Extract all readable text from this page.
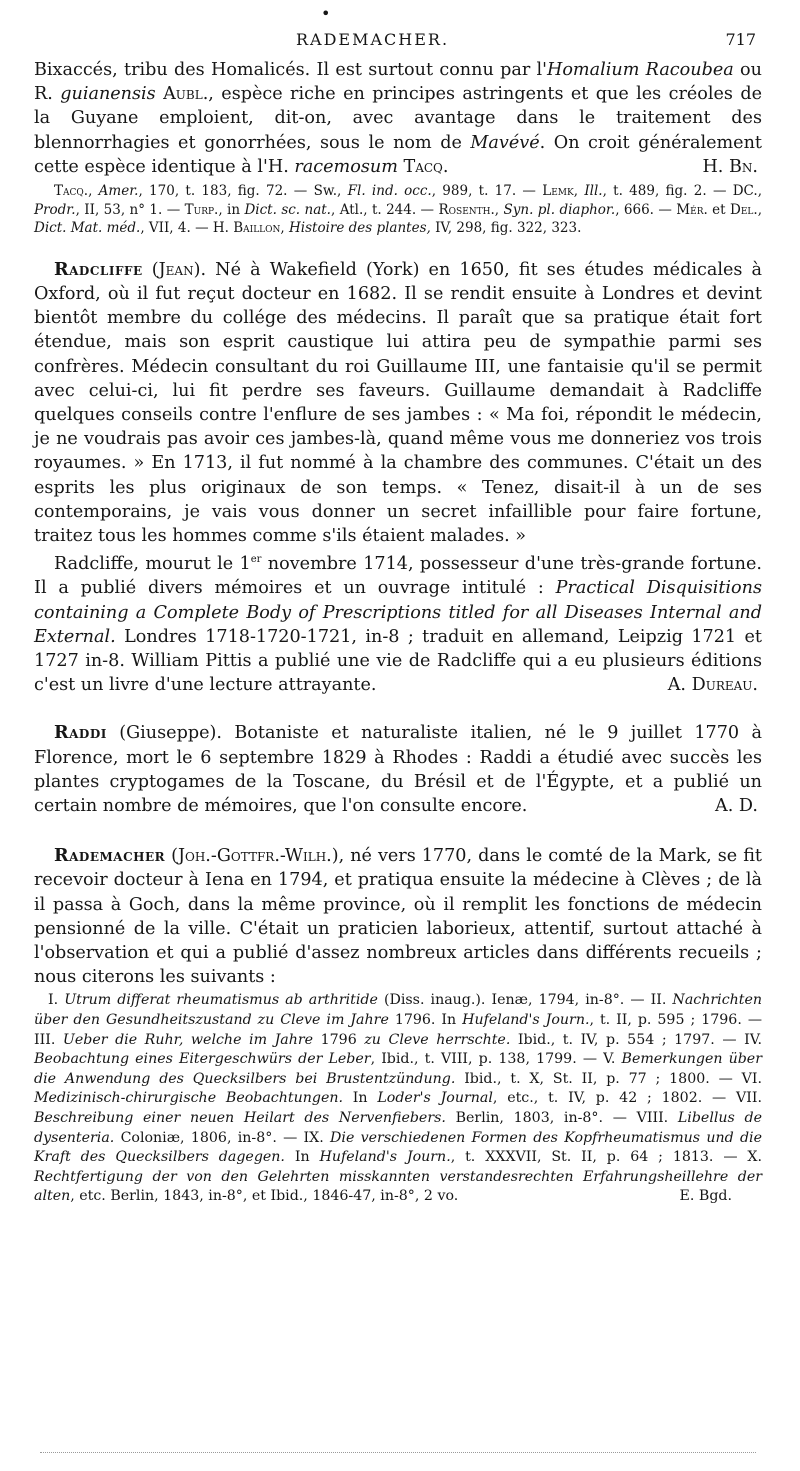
•
RADEMACHER.	717

Bixaccés, tribu des Homalicés. Il est surtout connu par l'Homalium Racoubea ou R. guianensis Aubl., espèce riche en principes astringents et que les créoles de la Guyane emploient, dit-on, avec avantage dans le traitement des blennorrhagies et gonorrhées, sous le nom de Mavévé. On croit généralement cette espèce identique à l'H. racemosum Tacq.	H. Bn.

Tacq., Amer., 170, t. 183, fig. 72. — Sw., Fl. ind. occ., 989, t. 17. — Lemk, Ill., t. 489, fig. 2. — DC., Prodr., II, 53, n° 1. — Turp., in Dict. sc. nat., Atl., t. 244. — Rosenth., Syn. pl. diaphor., 666. — Mér. et Del., Dict. Mat. méd., VII, 4. — H. Baillon, Histoire des plantes, IV, 298, fig. 322, 323.

Radcliffe (Jean). Né à Wakefield (York) en 1650, fit ses études médicales à Oxford, où il fut reçut docteur en 1682. Il se rendit ensuite à Londres et devint bientôt membre du collége des médecins. Il paraît que sa pratique était fort étendue, mais son esprit caustique lui attira peu de sympathie parmi ses confrères. Médecin consultant du roi Guillaume III, une fantaisie qu'il se permit avec celui-ci, lui fit perdre ses faveurs. Guillaume demandait à Radcliffe quelques conseils contre l'enflure de ses jambes : « Ma foi, répondit le médecin, je ne voudrais pas avoir ces jambes-là, quand même vous me donneriez vos trois royaumes. » En 1713, il fut nommé à la chambre des communes. C'était un des esprits les plus originaux de son temps. « Tenez, disait-il à un de ses contemporains, je vais vous donner un secret infaillible pour faire fortune, traitez tous les hommes comme s'ils étaient malades. »

Radcliffe, mourut le 1er novembre 1714, possesseur d'une très-grande fortune. Il a publié divers mémoires et un ouvrage intitulé : Practical Disquisitions containing a Complete Body of Prescriptions titled for all Diseases Internal and External. Londres 1718-1720-1721, in-8 ; traduit en allemand, Leipzig 1721 et 1727 in-8. William Pittis a publié une vie de Radcliffe qui a eu plusieurs éditions c'est un livre d'une lecture attrayante.	A. Dureau.

Raddi (Giuseppe). Botaniste et naturaliste italien, né le 9 juillet 1770 à Florence, mort le 6 septembre 1829 à Rhodes : Raddi a étudié avec succès les plantes cryptogames de la Toscane, du Brésil et de l'Égypte, et a publié un certain nombre de mémoires, que l'on consulte encore.	A. D.

Rademacher (Joh.-Gottfr.-Wilh.), né vers 1770, dans le comté de la Mark, se fit recevoir docteur à Iena en 1794, et pratiqua ensuite la médecine à Clèves ; de là il passa à Goch, dans la même province, où il remplit les fonctions de médecin pensionné de la ville. C'était un praticien laborieux, attentif, surtout attaché à l'observation et qui a publié d'assez nombreux articles dans différents recueils ; nous citerons les suivants :

I. Utrum differat rheumatismus ab arthritide (Diss. inaug.). Ienæ, 1794, in-8°. — II. Nachrichten über den Gesundheitszustand zu Cleve im Jahre 1796. In Hufeland's Journ., t. II, p. 595 ; 1796. — III. Ueber die Ruhr, welche im Jahre 1796 zu Cleve herrschte. Ibid., t. IV, p. 554 ; 1797. — IV. Beobachtung eines Eitergeschwürs der Leber, Ibid., t. VIII, p. 138, 1799. — V. Bemerkungen über die Anwendung des Quecksilbers bei Brustentzündung. Ibid., t. X, St. II, p. 77 ; 1800. — VI. Medizinisch-chirurgische Beobachtungen. In Loder's Journal, etc., t. IV, p. 42 ; 1802. — VII. Beschreibung einer neuen Heilart des Nervenfiebers. Berlin, 1803, in-8°. — VIII. Libellus de dysenteria. Coloniæ, 1806, in-8°. — IX. Die verschiedenen Formen des Kopfrheumatismus und die Kraft des Quecksilbers dagegen. In Hufeland's Journ., t. XXXVII, St. II, p. 64 ; 1813. — X. Rechtfertigung der von den Gelehrten misskannten verstandesrechten Erfahrungsheillehre der alten, etc. Berlin, 1843, in-8°, et Ibid., 1846-47, in-8°, 2 vo.	E. Bgd.
